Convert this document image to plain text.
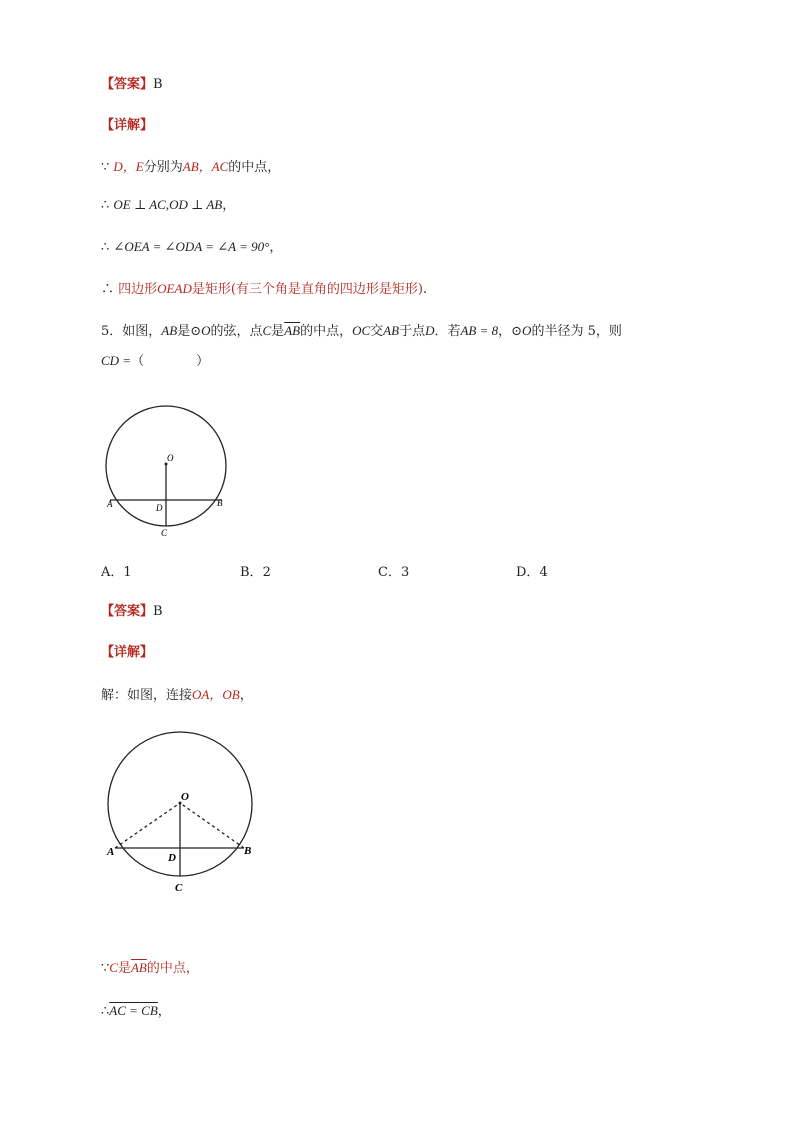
【答案】B
【详解】
∵ D，E分别为AB，AC的中点，
∴ OE ⊥ AC,OD ⊥ AB，
∴ ∠OEA = ∠ODA = ∠A = 90°，
∴ 四边形OEAD是矩形(有三个角是直角的四边形是矩形).
5．如图，AB是⊙O的弦，点C是$\overline{AB}$的中点，OC交AB于点D．若AB = 8，⊙O的半径为 5，则
CD =（　　　　）
O
A	B
D
C
A．1	B．2	C．3	D．4
【答案】B
【详解】
解：如图，连接OA，OB，
O
A	B
D
C
∵C是$\overline{AB}$的中点，
∴AC = CB，
